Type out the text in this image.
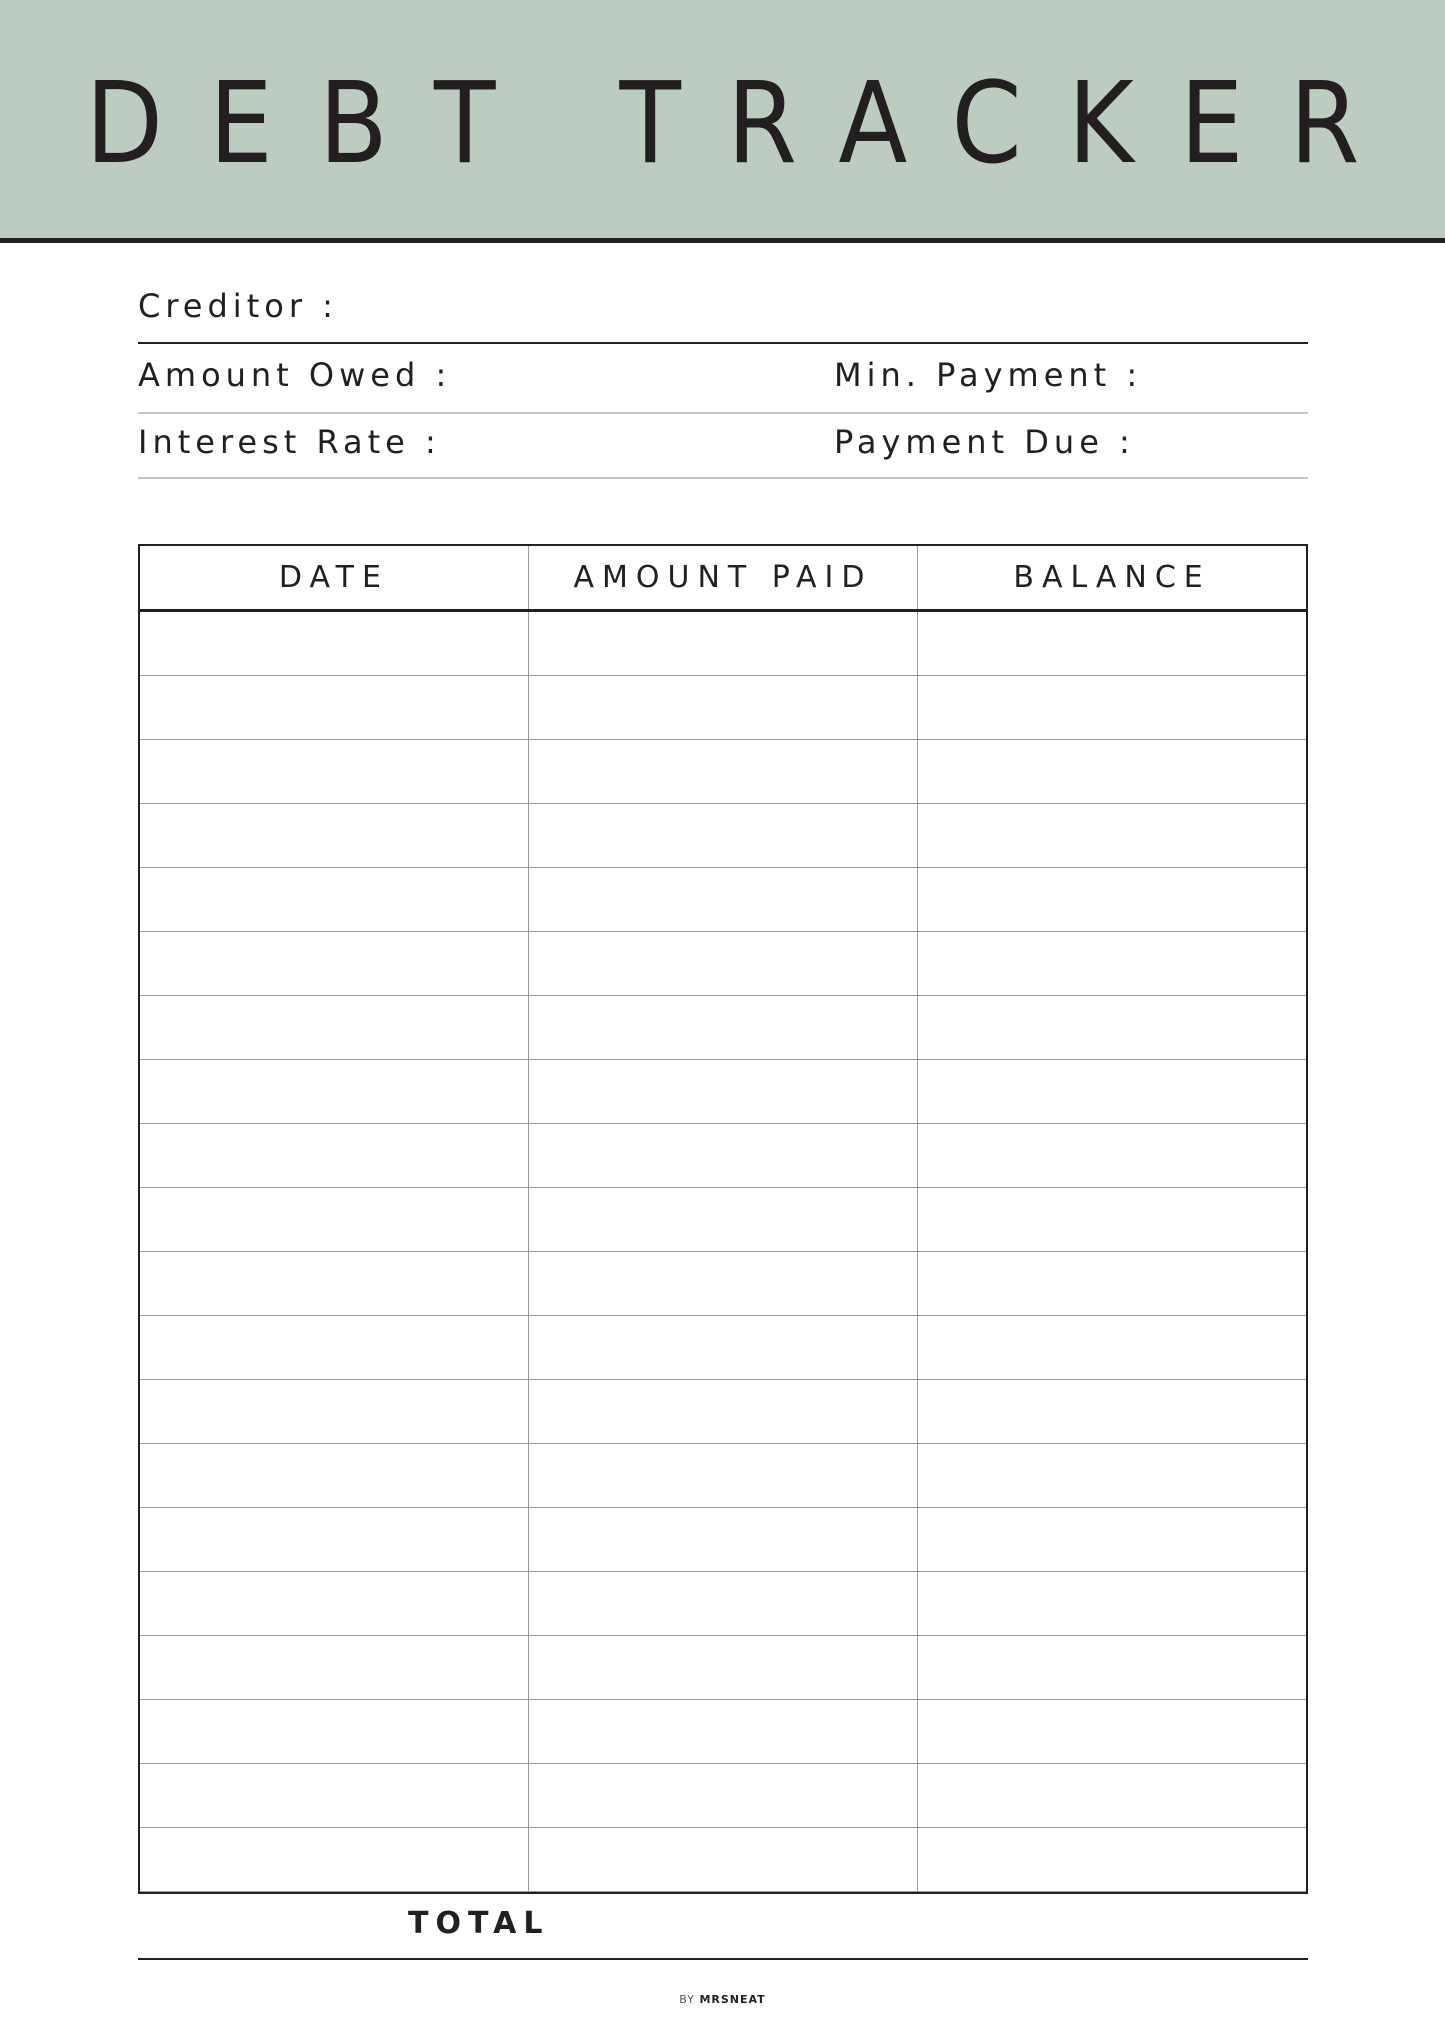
DEBT TRACKER
Creditor :
Amount Owed :	Min. Payment :
Interest Rate :	Payment Due :
DATE	AMOUNT PAID	BALANCE

TOTAL
BY MRSNEAT
